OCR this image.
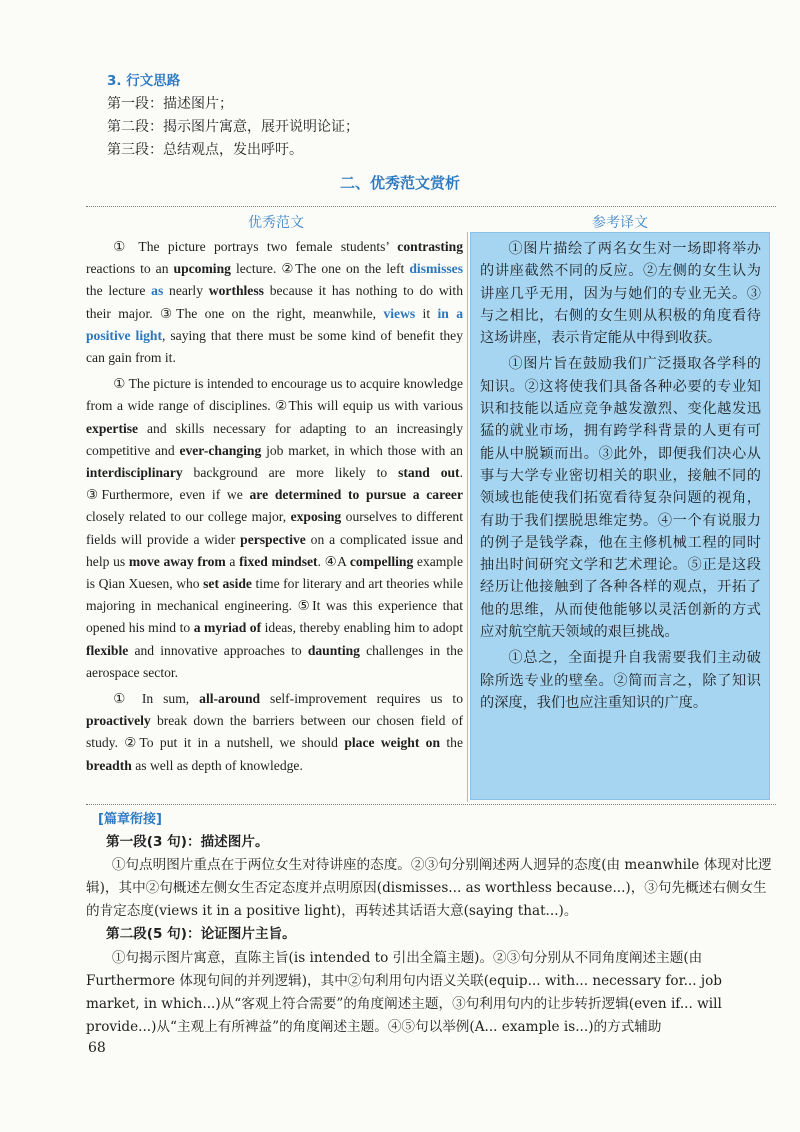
3. 行文思路
第一段：描述图片；
第二段：揭示图片寓意，展开说明论证；
第三段：总结观点，发出呼吁。
二、优秀范文赏析
优秀范文	参考译文

① The picture portrays two female students’ contrasting reactions to an upcoming lecture. ②The one on the left dismisses the lecture as nearly worthless because it has nothing to do with their major. ③The one on the right, meanwhile, views it in a positive light, saying that there must be some kind of benefit they can gain from it.

① The picture is intended to encourage us to acquire knowledge from a wide range of disciplines. ②This will equip us with various expertise and skills necessary for adapting to an increasingly competitive and ever-changing job market, in which those with an interdisciplinary background are more likely to stand out. ③Furthermore, even if we are determined to pursue a career closely related to our college major, exposing ourselves to different fields will provide a wider perspective on a complicated issue and help us move away from a fixed mindset. ④A compelling example is Qian Xuesen, who set aside time for literary and art theories while majoring in mechanical engineering. ⑤It was this experience that opened his mind to a myriad of ideas, thereby enabling him to adopt flexible and innovative approaches to daunting challenges in the aerospace sector.

① In sum, all-around self-improvement requires us to proactively break down the barriers between our chosen field of study. ②To put it in a nutshell, we should place weight on the breadth as well as depth of knowledge.

①图片描绘了两名女生对一场即将举办的讲座截然不同的反应。②左侧的女生认为讲座几乎无用，因为与她们的专业无关。③与之相比，右侧的女生则从积极的角度看待这场讲座，表示肯定能从中得到收获。

①图片旨在鼓励我们广泛摄取各学科的知识。②这将使我们具备各种必要的专业知识和技能以适应竞争越发激烈、变化越发迅猛的就业市场，拥有跨学科背景的人更有可能从中脱颖而出。③此外，即便我们决心从事与大学专业密切相关的职业，接触不同的领域也能使我们拓宽看待复杂问题的视角，有助于我们摆脱思维定势。④一个有说服力的例子是钱学森，他在主修机械工程的同时抽出时间研究文学和艺术理论。⑤正是这段经历让他接触到了各种各样的观点，开拓了他的思维，从而使他能够以灵活创新的方式应对航空航天领域的艰巨挑战。

①总之，全面提升自我需要我们主动破除所选专业的壁垒。②简而言之，除了知识的深度，我们也应注重知识的广度。

[篇章衔接]

第一段(3 句)：描述图片。

①句点明图片重点在于两位女生对待讲座的态度。②③句分别阐述两人迥异的态度(由 meanwhile 体现对比逻辑)，其中②句概述左侧女生否定态度并点明原因(dismisses... as worthless because...)，③句先概述右侧女生的肯定态度(views it in a positive light)，再转述其话语大意(saying that...)。

第二段(5 句)：论证图片主旨。

①句揭示图片寓意，直陈主旨(is intended to 引出全篇主题)。②③句分别从不同角度阐述主题(由 Furthermore 体现句间的并列逻辑)，其中②句利用句内语义关联(equip... with... necessary for... job market, in which...)从“客观上符合需要”的角度阐述主题，③句利用句内的让步转折逻辑(even if... will provide...)从“主观上有所裨益”的角度阐述主题。④⑤句以举例(A... example is...)的方式辅助

68
